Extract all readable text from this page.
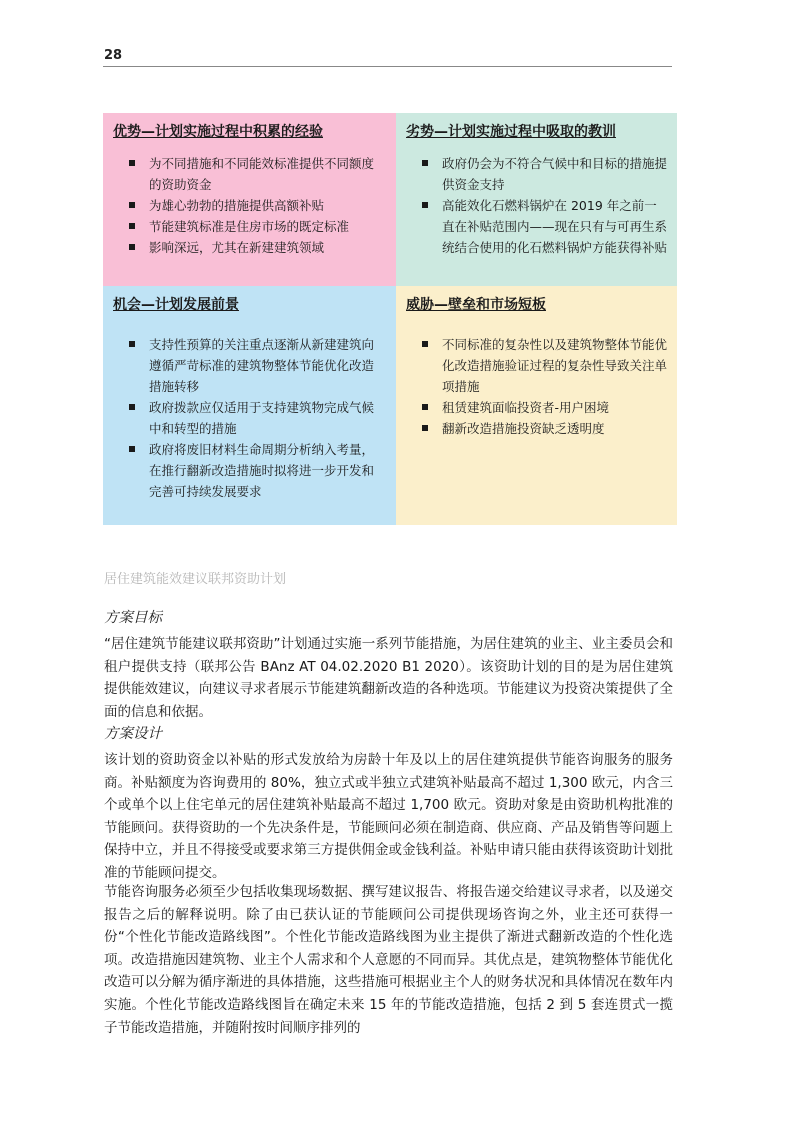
28
优势—计划实施过程中积累的经验
为不同措施和不同能效标准提供不同额度的资助资金
为雄心勃勃的措施提供高额补贴
节能建筑标准是住房市场的既定标准
影响深远，尤其在新建建筑领域
劣势—计划实施过程中吸取的教训
政府仍会为不符合气候中和目标的措施提供资金支持
高能效化石燃料锅炉在 2019 年之前一直在补贴范围内——现在只有与可再生系统结合使用的化石燃料锅炉方能获得补贴
机会—计划发展前景
支持性预算的关注重点逐渐从新建建筑向遵循严苛标准的建筑物整体节能优化改造措施转移
政府拨款应仅适用于支持建筑物完成气候中和转型的措施
政府将废旧材料生命周期分析纳入考量，在推行翻新改造措施时拟将进一步开发和完善可持续发展要求
威胁—壁垒和市场短板
不同标准的复杂性以及建筑物整体节能优化改造措施验证过程的复杂性导致关注单项措施
租赁建筑面临投资者-用户困境
翻新改造措施投资缺乏透明度
居住建筑能效建议联邦资助计划
方案目标
“居住建筑节能建议联邦资助”计划通过实施一系列节能措施，为居住建筑的业主、业主委员会和租户提供支持（联邦公告 BAnz AT 04.02.2020 B1 2020）。该资助计划的目的是为居住建筑提供能效建议，向建议寻求者展示节能建筑翻新改造的各种选项。节能建议为投资决策提供了全面的信息和依据。
方案设计
该计划的资助资金以补贴的形式发放给为房龄十年及以上的居住建筑提供节能咨询服务的服务商。补贴额度为咨询费用的 80%，独立式或半独立式建筑补贴最高不超过 1,300 欧元，内含三个或单个以上住宅单元的居住建筑补贴最高不超过 1,700 欧元。资助对象是由资助机构批准的节能顾问。获得资助的一个先决条件是，节能顾问必须在制造商、供应商、产品及销售等问题上保持中立，并且不得接受或要求第三方提供佣金或金钱利益。补贴申请只能由获得该资助计划批准的节能顾问提交。
节能咨询服务必须至少包括收集现场数据、撰写建议报告、将报告递交给建议寻求者，以及递交报告之后的解释说明。除了由已获认证的节能顾问公司提供现场咨询之外，业主还可获得一份“个性化节能改造路线图”。个性化节能改造路线图为业主提供了渐进式翻新改造的个性化选项。改造措施因建筑物、业主个人需求和个人意愿的不同而异。其优点是，建筑物整体节能优化改造可以分解为循序渐进的具体措施，这些措施可根据业主个人的财务状况和具体情况在数年内实施。个性化节能改造路线图旨在确定未来 15 年的节能改造措施，包括 2 到 5 套连贯式一揽子节能改造措施，并随附按时间顺序排列的
